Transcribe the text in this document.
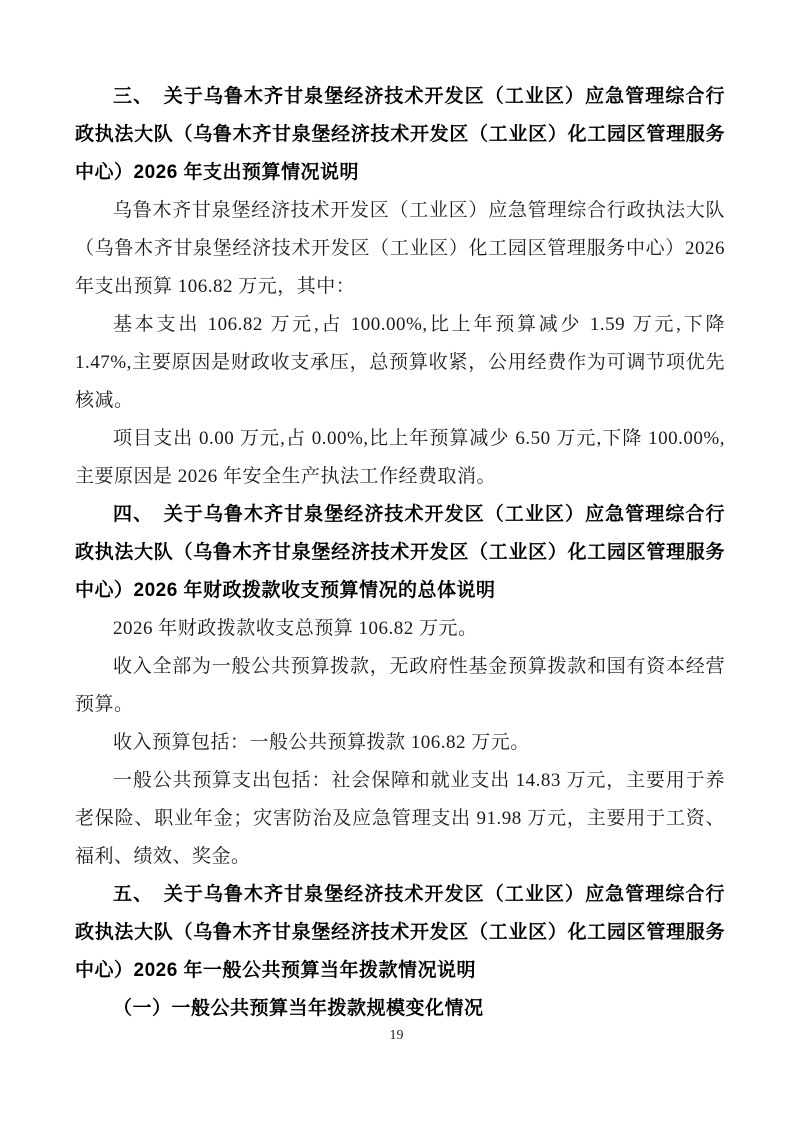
三、　关于乌鲁木齐甘泉堡经济技术开发区（工业区）应急管理综合行政执法大队（乌鲁木齐甘泉堡经济技术开发区（工业区）化工园区管理服务中心）2026 年支出预算情况说明

乌鲁木齐甘泉堡经济技术开发区（工业区）应急管理综合行政执法大队（乌鲁木齐甘泉堡经济技术开发区（工业区）化工园区管理服务中心）2026 年支出预算 106.82 万元，其中：

基本支出 106.82 万元,占 100.00%,比上年预算减少 1.59 万元,下降 1.47%,主要原因是财政收支承压，总预算收紧，公用经费作为可调节项优先核减。

项目支出 0.00 万元,占 0.00%,比上年预算减少 6.50 万元,下降 100.00%,主要原因是 2026 年安全生产执法工作经费取消。

四、　关于乌鲁木齐甘泉堡经济技术开发区（工业区）应急管理综合行政执法大队（乌鲁木齐甘泉堡经济技术开发区（工业区）化工园区管理服务中心）2026 年财政拨款收支预算情况的总体说明

2026 年财政拨款收支总预算 106.82 万元。

收入全部为一般公共预算拨款，无政府性基金预算拨款和国有资本经营预算。

收入预算包括：一般公共预算拨款 106.82 万元。

一般公共预算支出包括：社会保障和就业支出 14.83 万元，主要用于养老保险、职业年金；灾害防治及应急管理支出 91.98 万元，主要用于工资、福利、绩效、奖金。

五、　关于乌鲁木齐甘泉堡经济技术开发区（工业区）应急管理综合行政执法大队（乌鲁木齐甘泉堡经济技术开发区（工业区）化工园区管理服务中心）2026 年一般公共预算当年拨款情况说明

（一）一般公共预算当年拨款规模变化情况

19
